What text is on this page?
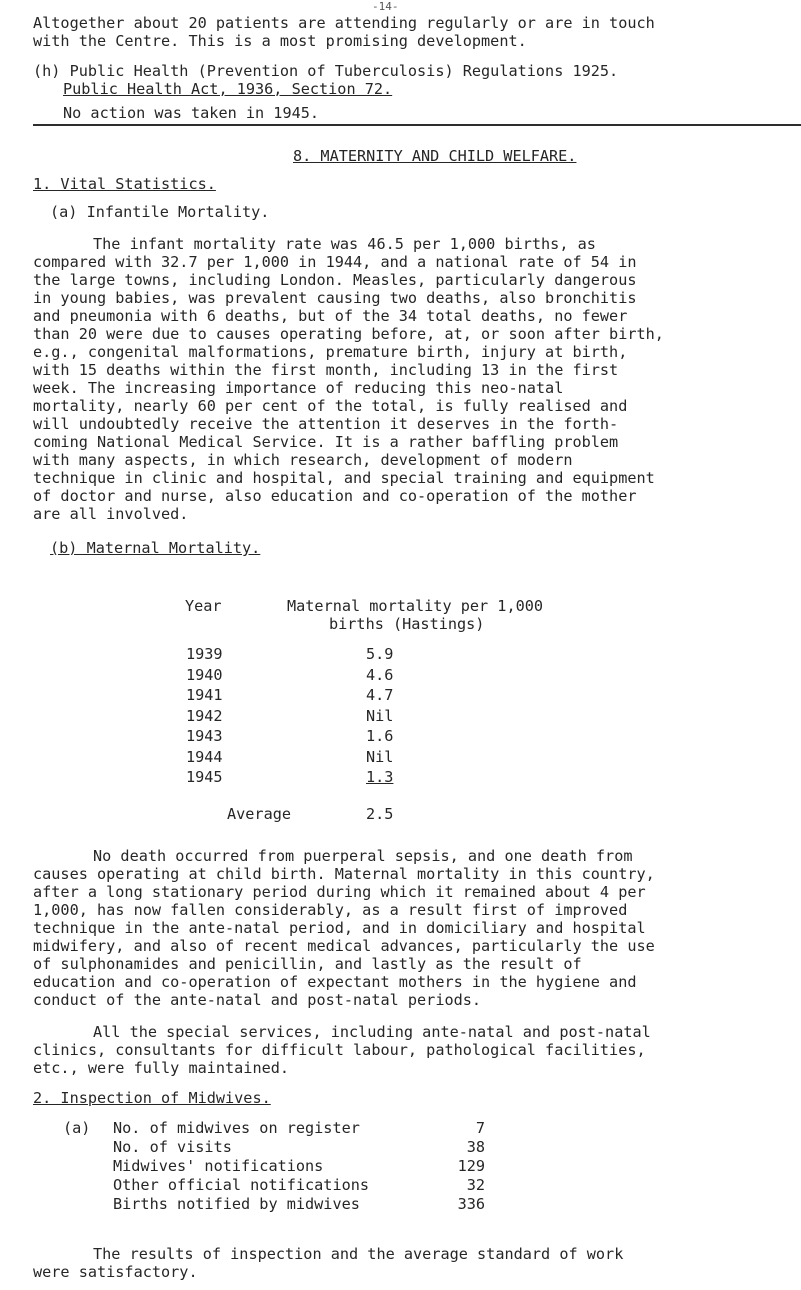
-14-
Altogether about 20 patients are attending regularly or are in touch
with the Centre. This is a most promising development.
(h) Public Health (Prevention of Tuberculosis) Regulations 1925.
Public Health Act, 1936, Section 72.
No action was taken in 1945.
8. MATERNITY AND CHILD WELFARE.
1. Vital Statistics.
(a) Infantile Mortality.
The infant mortality rate was 46.5 per 1,000 births, as
compared with 32.7 per 1,000 in 1944, and a national rate of 54 in
the large towns, including London. Measles, particularly dangerous
in young babies, was prevalent causing two deaths, also bronchitis
and pneumonia with 6 deaths, but of the 34 total deaths, no fewer
than 20 were due to causes operating before, at, or soon after birth,
e.g., congenital malformations, premature birth, injury at birth,
with 15 deaths within the first month, including 13 in the first
week. The increasing importance of reducing this neo-natal
mortality, nearly 60 per cent of the total, is fully realised and
will undoubtedly receive the attention it deserves in the forth-
coming National Medical Service. It is a rather baffling problem
with many aspects, in which research, development of modern
technique in clinic and hospital, and special training and equipment
of doctor and nurse, also education and co-operation of the mother
are all involved.
(b) Maternal Mortality.
Year	Maternal mortality per 1,000
births (Hastings)
1939	5.9
1940	4.6
1941	4.7
1942	Nil
1943	1.6
1944	Nil
1945	1.3
Average	2.5
No death occurred from puerperal sepsis, and one death from
causes operating at child birth. Maternal mortality in this country,
after a long stationary period during which it remained about 4 per
1,000, has now fallen considerably, as a result first of improved
technique in the ante-natal period, and in domiciliary and hospital
midwifery, and also of recent medical advances, particularly the use
of sulphonamides and penicillin, and lastly as the result of
education and co-operation of expectant mothers in the hygiene and
conduct of the ante-natal and post-natal periods.
All the special services, including ante-natal and post-natal
clinics, consultants for difficult labour, pathological facilities,
etc., were fully maintained.
2. Inspection of Midwives.
(a) No. of midwives on register	7
No. of visits	38
Midwives' notifications	129
Other official notifications	32
Births notified by midwives	336
The results of inspection and the average standard of work
were satisfactory.
